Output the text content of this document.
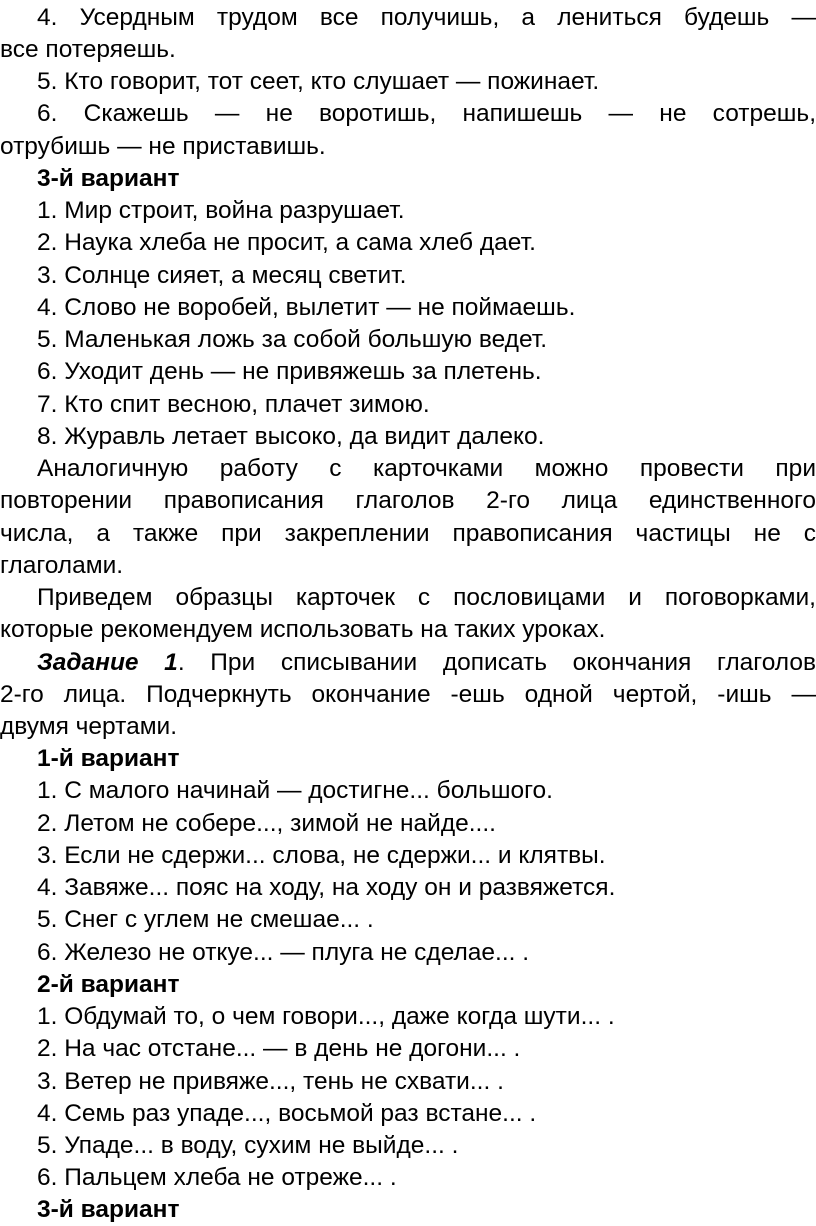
4. Усердным трудом все получишь, а лениться будешь —
все потеряешь.
5. Кто говорит, тот сеет, кто слушает — пожинает.
6. Скажешь — не воротишь, напишешь — не сотрешь,
отрубишь — не приставишь.
3-й вариант
1. Мир строит, война разрушает.
2. Наука хлеба не просит, а сама хлеб дает.
3. Солнце сияет, а месяц светит.
4. Слово не воробей, вылетит — не поймаешь.
5. Маленькая ложь за собой большую ведет.
6. Уходит день — не привяжешь за плетень.
7. Кто спит весною, плачет зимою.
8. Журавль летает высоко, да видит далеко.
Аналогичную работу с карточками можно провести при
повторении правописания глаголов 2-го лица единственного
числа, а также при закреплении правописания частицы не с
глаголами.
Приведем образцы карточек с пословицами и поговорками,
которые рекомендуем использовать на таких уроках.
Задание 1. При списывании дописать окончания глаголов
2-го лица. Подчеркнуть окончание -ешь одной чертой, -ишь —
двумя чертами.
1-й вариант
1. С малого начинай — достигне... большого.
2. Летом не собере..., зимой не найде....
3. Если не сдержи... слова, не сдержи... и клятвы.
4. Завяже... пояс на ходу, на ходу он и развяжется.
5. Снег с углем не смешае... .
6. Железо не откуе... — плуга не сделае... .
2-й вариант
1. Обдумай то, о чем говори..., даже когда шути... .
2. На час отстане... — в день не догони... .
3. Ветер не привяже..., тень не схвати... .
4. Семь раз упаде..., восьмой раз встане... .
5. Упаде... в воду, сухим не выйде... .
6. Пальцем хлеба не отреже... .
3-й вариант
